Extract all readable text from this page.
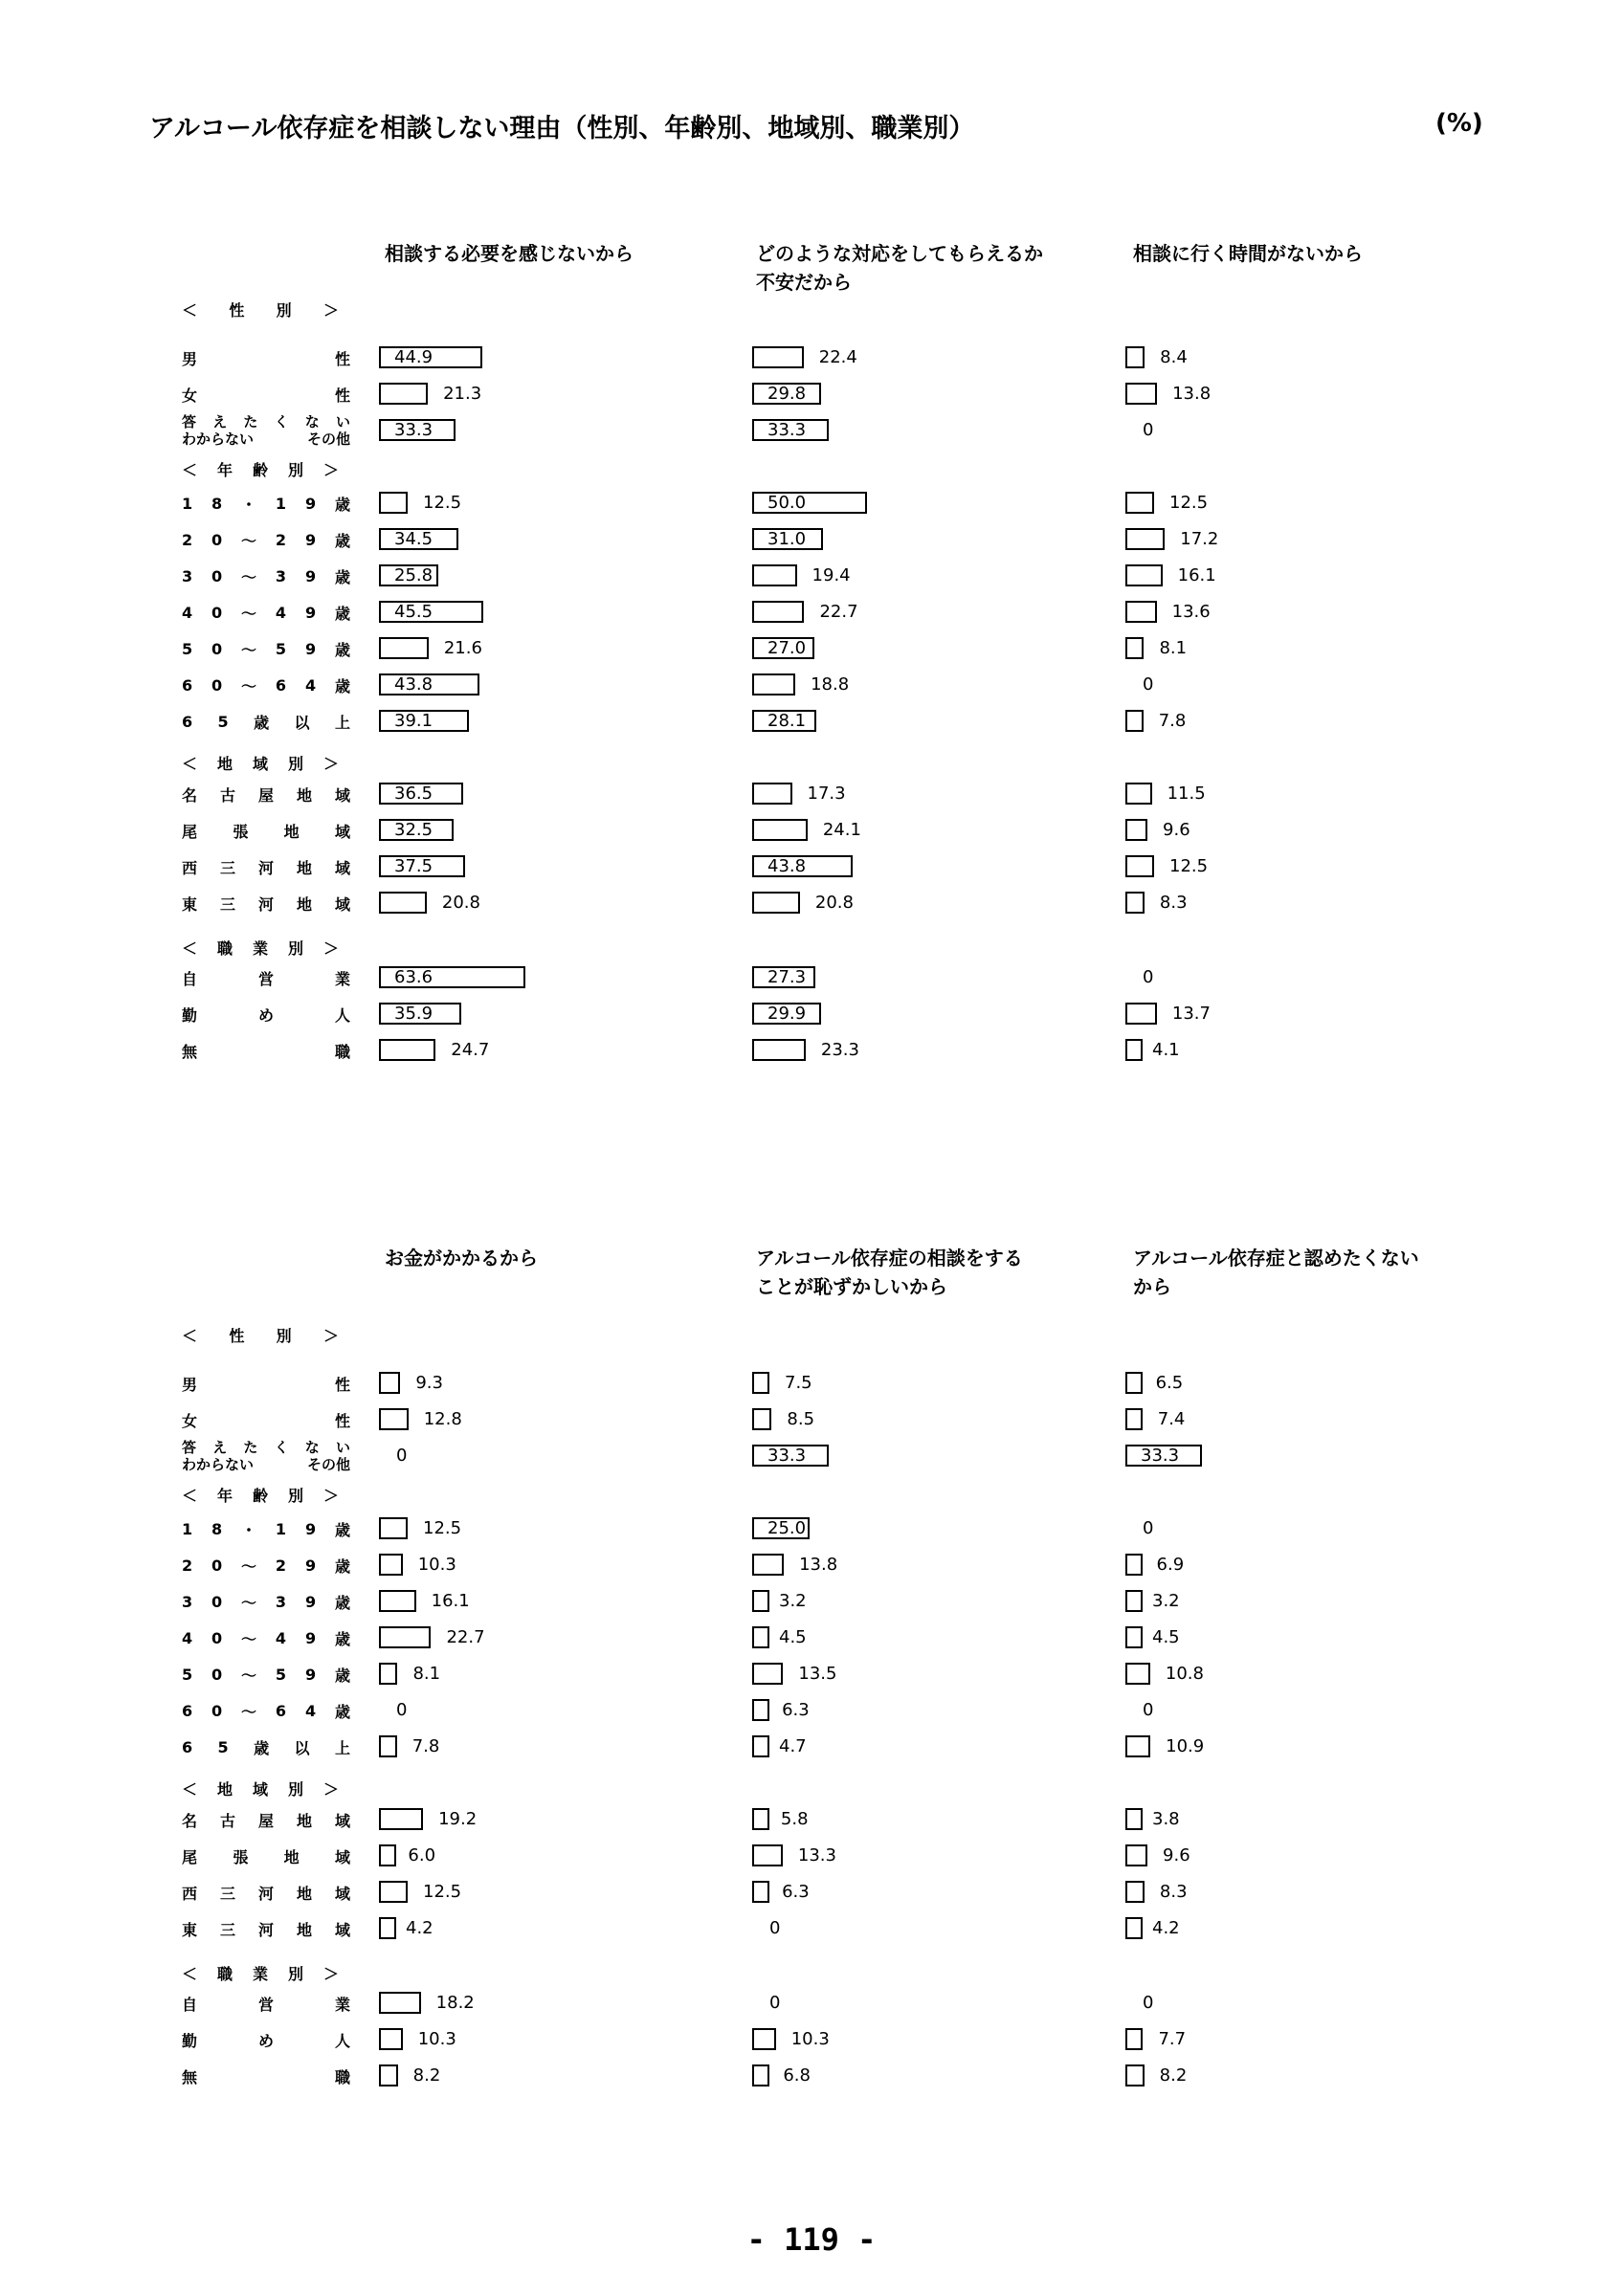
アルコール依存症を相談しない理由（性別、年齢別、地域別、職業別）	(%)
相談する必要を感じないから	どのような対応をしてもらえるか
不安だから
相談に行く時間がないから
＜ 性 別 ＞
＜ 年 齢 別 ＞
＜ 地 域 別 ＞
＜ 職 業 別 ＞
男	性	44.9	22.4	8.4
女	性	21.3	29.8	13.8
答 え た く な い
わからない	その他	33.3	33.3	0
1 8 ・ 1 9 歳	12.5	50.0	12.5
2 0 ～ 2 9 歳	34.5	31.0	17.2
3 0 ～ 3 9 歳	25.8	19.4	16.1
4 0 ～ 4 9 歳	45.5	22.7	13.6
5 0 ～ 5 9 歳	21.6	27.0	8.1
6 0 ～ 6 4 歳	43.8	18.8	0
6 5 歳 以 上	39.1	28.1	7.8
名 古 屋 地 域	36.5	17.3	11.5
尾 張 地 域	32.5	24.1	9.6
西 三 河 地 域	37.5	43.8	12.5
東 三 河 地 域	20.8	20.8	8.3
自	営	業	63.6	27.3	0
勤	め	人	35.9	29.9	13.7
無	職	24.7	23.3	4.1
お金がかかるから	アルコール依存症の相談をする
ことが恥ずかしいから
アルコール依存症と認めたくない
から
＜ 性 別 ＞
＜ 年 齢 別 ＞
＜ 地 域 別 ＞
＜ 職 業 別 ＞
男	性	9.3	7.5	6.5
女	性	12.8	8.5	7.4
答 え た く な い
わからない	その他	0	33.3	33.3
1 8 ・ 1 9 歳	12.5	25.0	0
2 0 ～ 2 9 歳	10.3	13.8	6.9
3 0 ～ 3 9 歳	16.1	3.2	3.2
4 0 ～ 4 9 歳	22.7	4.5	4.5
5 0 ～ 5 9 歳	8.1	13.5	10.8
6 0 ～ 6 4 歳	0	6.3	0
6 5 歳 以 上	7.8	4.7	10.9
名 古 屋 地 域	19.2	5.8	3.8
尾 張 地 域	6.0	13.3	9.6
西 三 河 地 域	12.5	6.3	8.3
東 三 河 地 域	4.2	0	4.2
自	営	業	18.2	0	0
勤	め	人	10.3	10.3	7.7
無	職	8.2	6.8	8.2
- 119 -
